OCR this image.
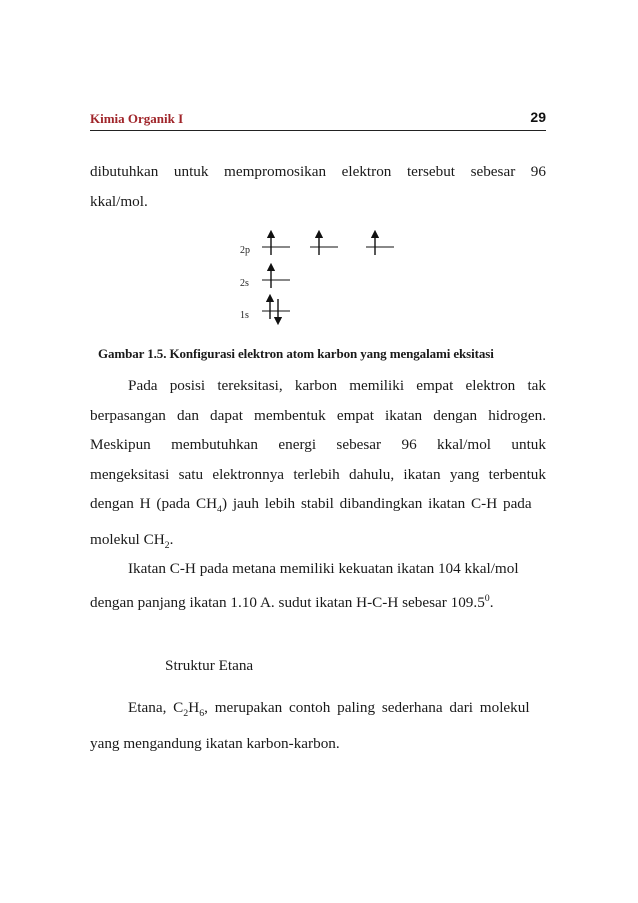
Kimia Organik I	29

dibutuhkan untuk mempromosikan elektron tersebut sebesar 96
kkal/mol.

2p
2s
1s
Gambar 1.5. Konfigurasi elektron atom karbon yang mengalami eksitasi

Pada posisi tereksitasi, karbon memiliki empat elektron tak
berpasangan dan dapat membentuk empat ikatan dengan hidrogen.
Meskipun membutuhkan energi sebesar 96 kkal/mol untuk
mengeksitasi satu elektronnya terlebih dahulu, ikatan yang terbentuk
dengan H (pada $CH_4$) jauh lebih stabil dibandingkan ikatan C-H pada
molekul $CH_2$.

Ikatan C-H pada metana memiliki kekuatan ikatan 104 kkal/mol
dengan panjang ikatan 1.10 A. sudut ikatan H-C-H sebesar 109.5$^0$.

Struktur Etana

Etana, $C_2H_6$, merupakan contoh paling sederhana dari molekul
yang mengandung ikatan karbon-karbon.
